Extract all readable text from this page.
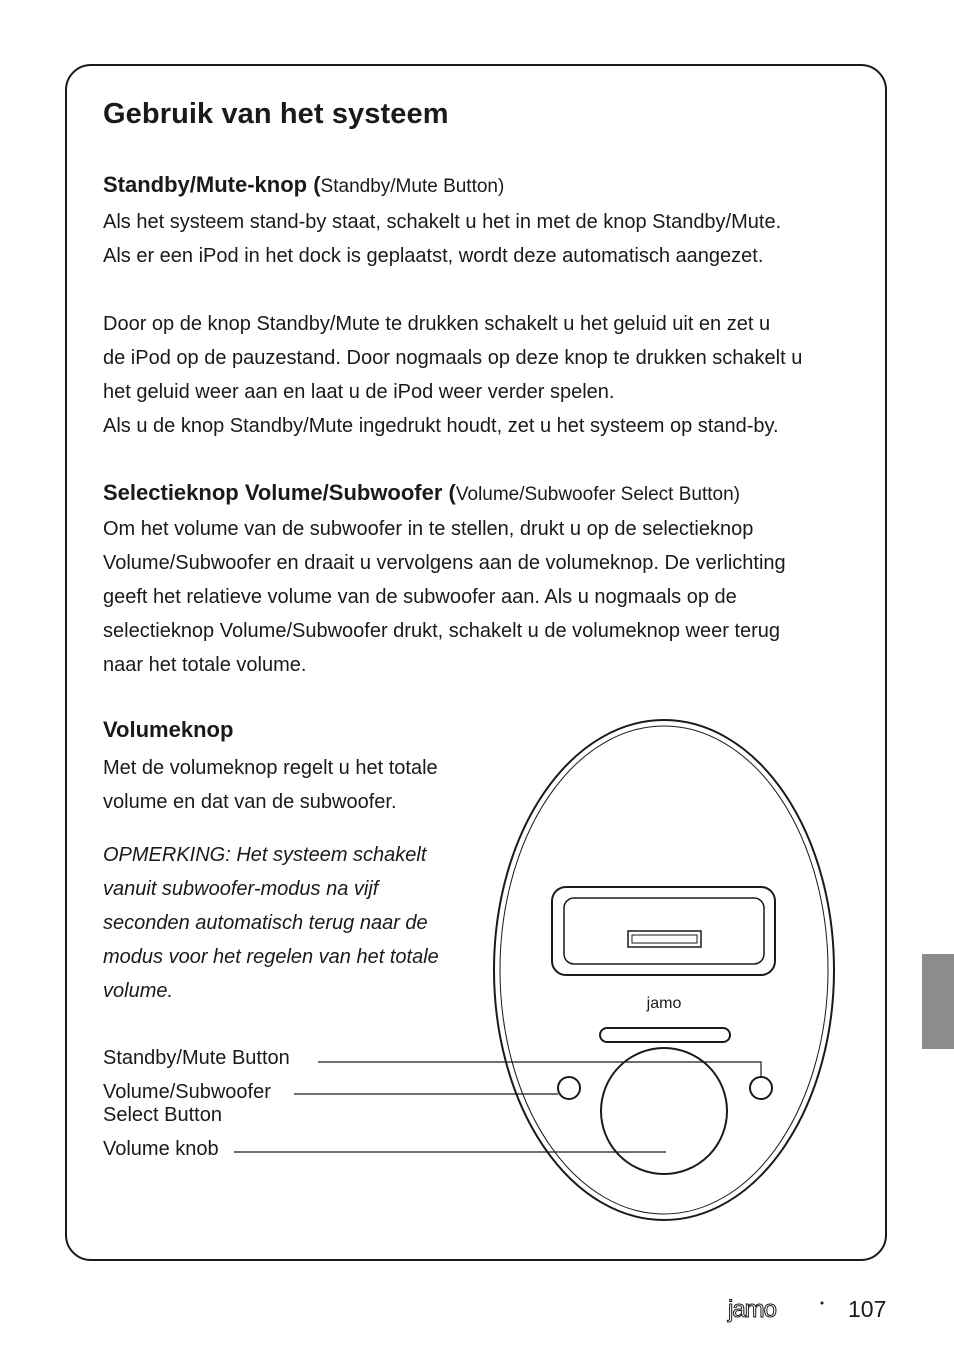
Gebruik van het systeem
Standby/Mute-knop (Standby/Mute Button)

Als het systeem stand-by staat, schakelt u het in met de knop Standby/Mute.
Als er een iPod in het dock is geplaatst, wordt deze automatisch aangezet.

Door op de knop Standby/Mute te drukken schakelt u het geluid uit en zet u
de iPod op de pauzestand. Door nogmaals op deze knop te drukken schakelt u
het geluid weer aan en laat u de iPod weer verder spelen.
Als u de knop Standby/Mute ingedrukt houdt, zet u het systeem op stand-by.

Selectieknop Volume/Subwoofer (Volume/Subwoofer Select Button)

Om het volume van de subwoofer in te stellen, drukt u op de selectieknop
Volume/Subwoofer en draait u vervolgens aan de volumeknop. De verlichting
geeft het relatieve volume van de subwoofer aan. Als u nogmaals op de
selectieknop Volume/Subwoofer drukt, schakelt u de volumeknop weer terug
naar het totale volume.

Volumeknop

Met de volumeknop regelt u het totale
volume en dat van de subwoofer.

OPMERKING: Het systeem schakelt
vanuit subwoofer-modus na vijf
seconden automatisch terug naar de
modus voor het regelen van het totale
volume.

jamo

Standby/Mute Button

Volume/Subwoofer
Select Button

Volume knob

jamo	107
